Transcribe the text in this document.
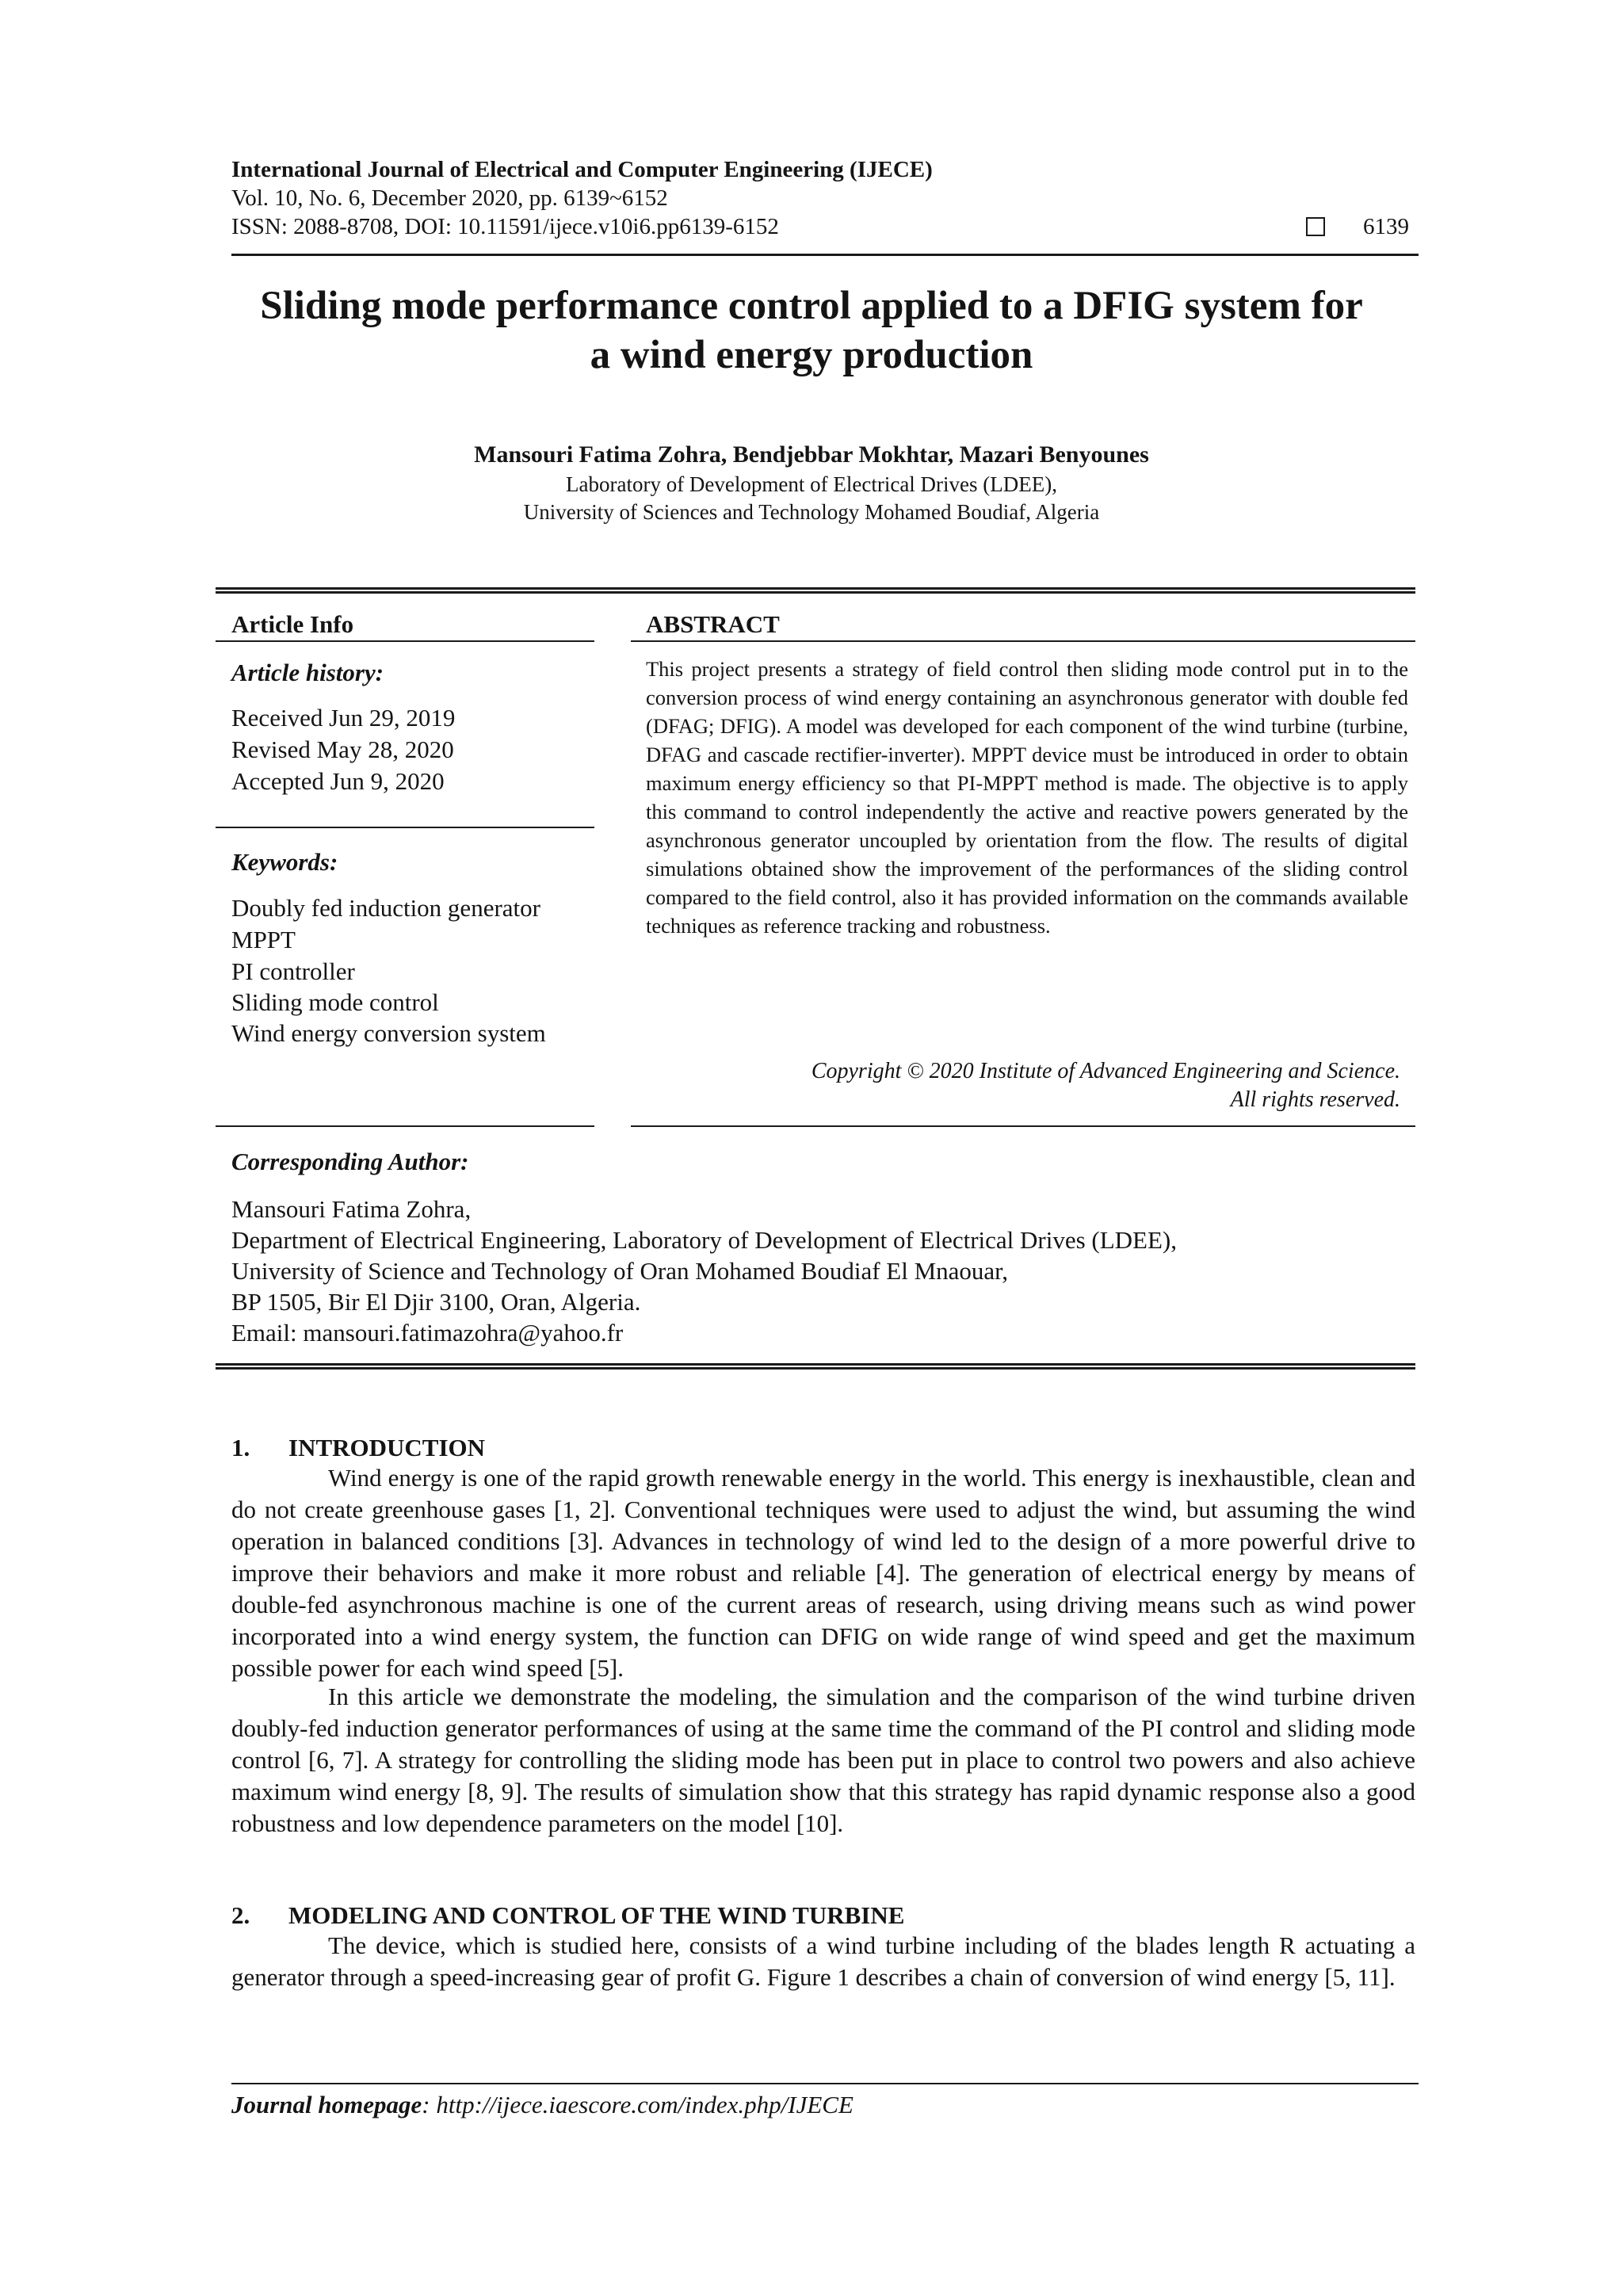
International Journal of Electrical and Computer Engineering (IJECE)
Vol. 10, No. 6, December 2020, pp. 6139~6152
ISSN: 2088-8708, DOI: 10.11591/ijece.v10i6.pp6139-6152	6139
Sliding mode performance control applied to a DFIG system for
a wind energy production
Mansouri Fatima Zohra, Bendjebbar Mokhtar, Mazari Benyounes
Laboratory of Development of Electrical Drives (LDEE),
University of Sciences and Technology Mohamed Boudiaf, Algeria
Article Info
Article history:
Received Jun 29, 2019
Revised May 28, 2020
Accepted Jun 9, 2020
Keywords:
Doubly fed induction generator
MPPT
PI controller
Sliding mode control
Wind energy conversion system
ABSTRACT
This project presents a strategy of field control then sliding mode control put in to the conversion process of wind energy containing an asynchronous generator with double fed (DFAG; DFIG). A model was developed for each component of the wind turbine (turbine, DFAG and cascade rectifier-inverter). MPPT device must be introduced in order to obtain maximum energy efficiency so that PI-MPPT method is made. The objective is to apply this command to control independently the active and reactive powers generated by the asynchronous generator uncoupled by orientation from the flow. The results of digital simulations obtained show the improvement of the performances of the sliding control compared to the field control, also it has provided information on the commands available techniques as reference tracking and robustness.
Copyright © 2020 Institute of Advanced Engineering and Science.
All rights reserved.
Corresponding Author:
Mansouri Fatima Zohra,
Department of Electrical Engineering, Laboratory of Development of Electrical Drives (LDEE),
University of Science and Technology of Oran Mohamed Boudiaf El Mnaouar,
BP 1505, Bir El Djir 3100, Oran, Algeria.
Email: mansouri.fatimazohra@yahoo.fr
1. INTRODUCTION
Wind energy is one of the rapid growth renewable energy in the world. This energy is inexhaustible, clean and do not create greenhouse gases [1, 2]. Conventional techniques were used to adjust the wind, but assuming the wind operation in balanced conditions [3]. Advances in technology of wind led to the design of a more powerful drive to improve their behaviors and make it more robust and reliable [4]. The generation of electrical energy by means of double-fed asynchronous machine is one of the current areas of research, using driving means such as wind power incorporated into a wind energy system, the function can DFIG on wide range of wind speed and get the maximum possible power for each wind speed [5].
In this article we demonstrate the modeling, the simulation and the comparison of the wind turbine driven doubly-fed induction generator performances of using at the same time the command of the PI control and sliding mode control [6, 7]. A strategy for controlling the sliding mode has been put in place to control two powers and also achieve maximum wind energy [8, 9]. The results of simulation show that this strategy has rapid dynamic response also a good robustness and low dependence parameters on the model [10].
2. MODELING AND CONTROL OF THE WIND TURBINE
The device, which is studied here, consists of a wind turbine including of the blades length R actuating a generator through a speed-increasing gear of profit G. Figure 1 describes a chain of conversion of wind energy [5, 11].
Journal homepage: http://ijece.iaescore.com/index.php/IJECE
